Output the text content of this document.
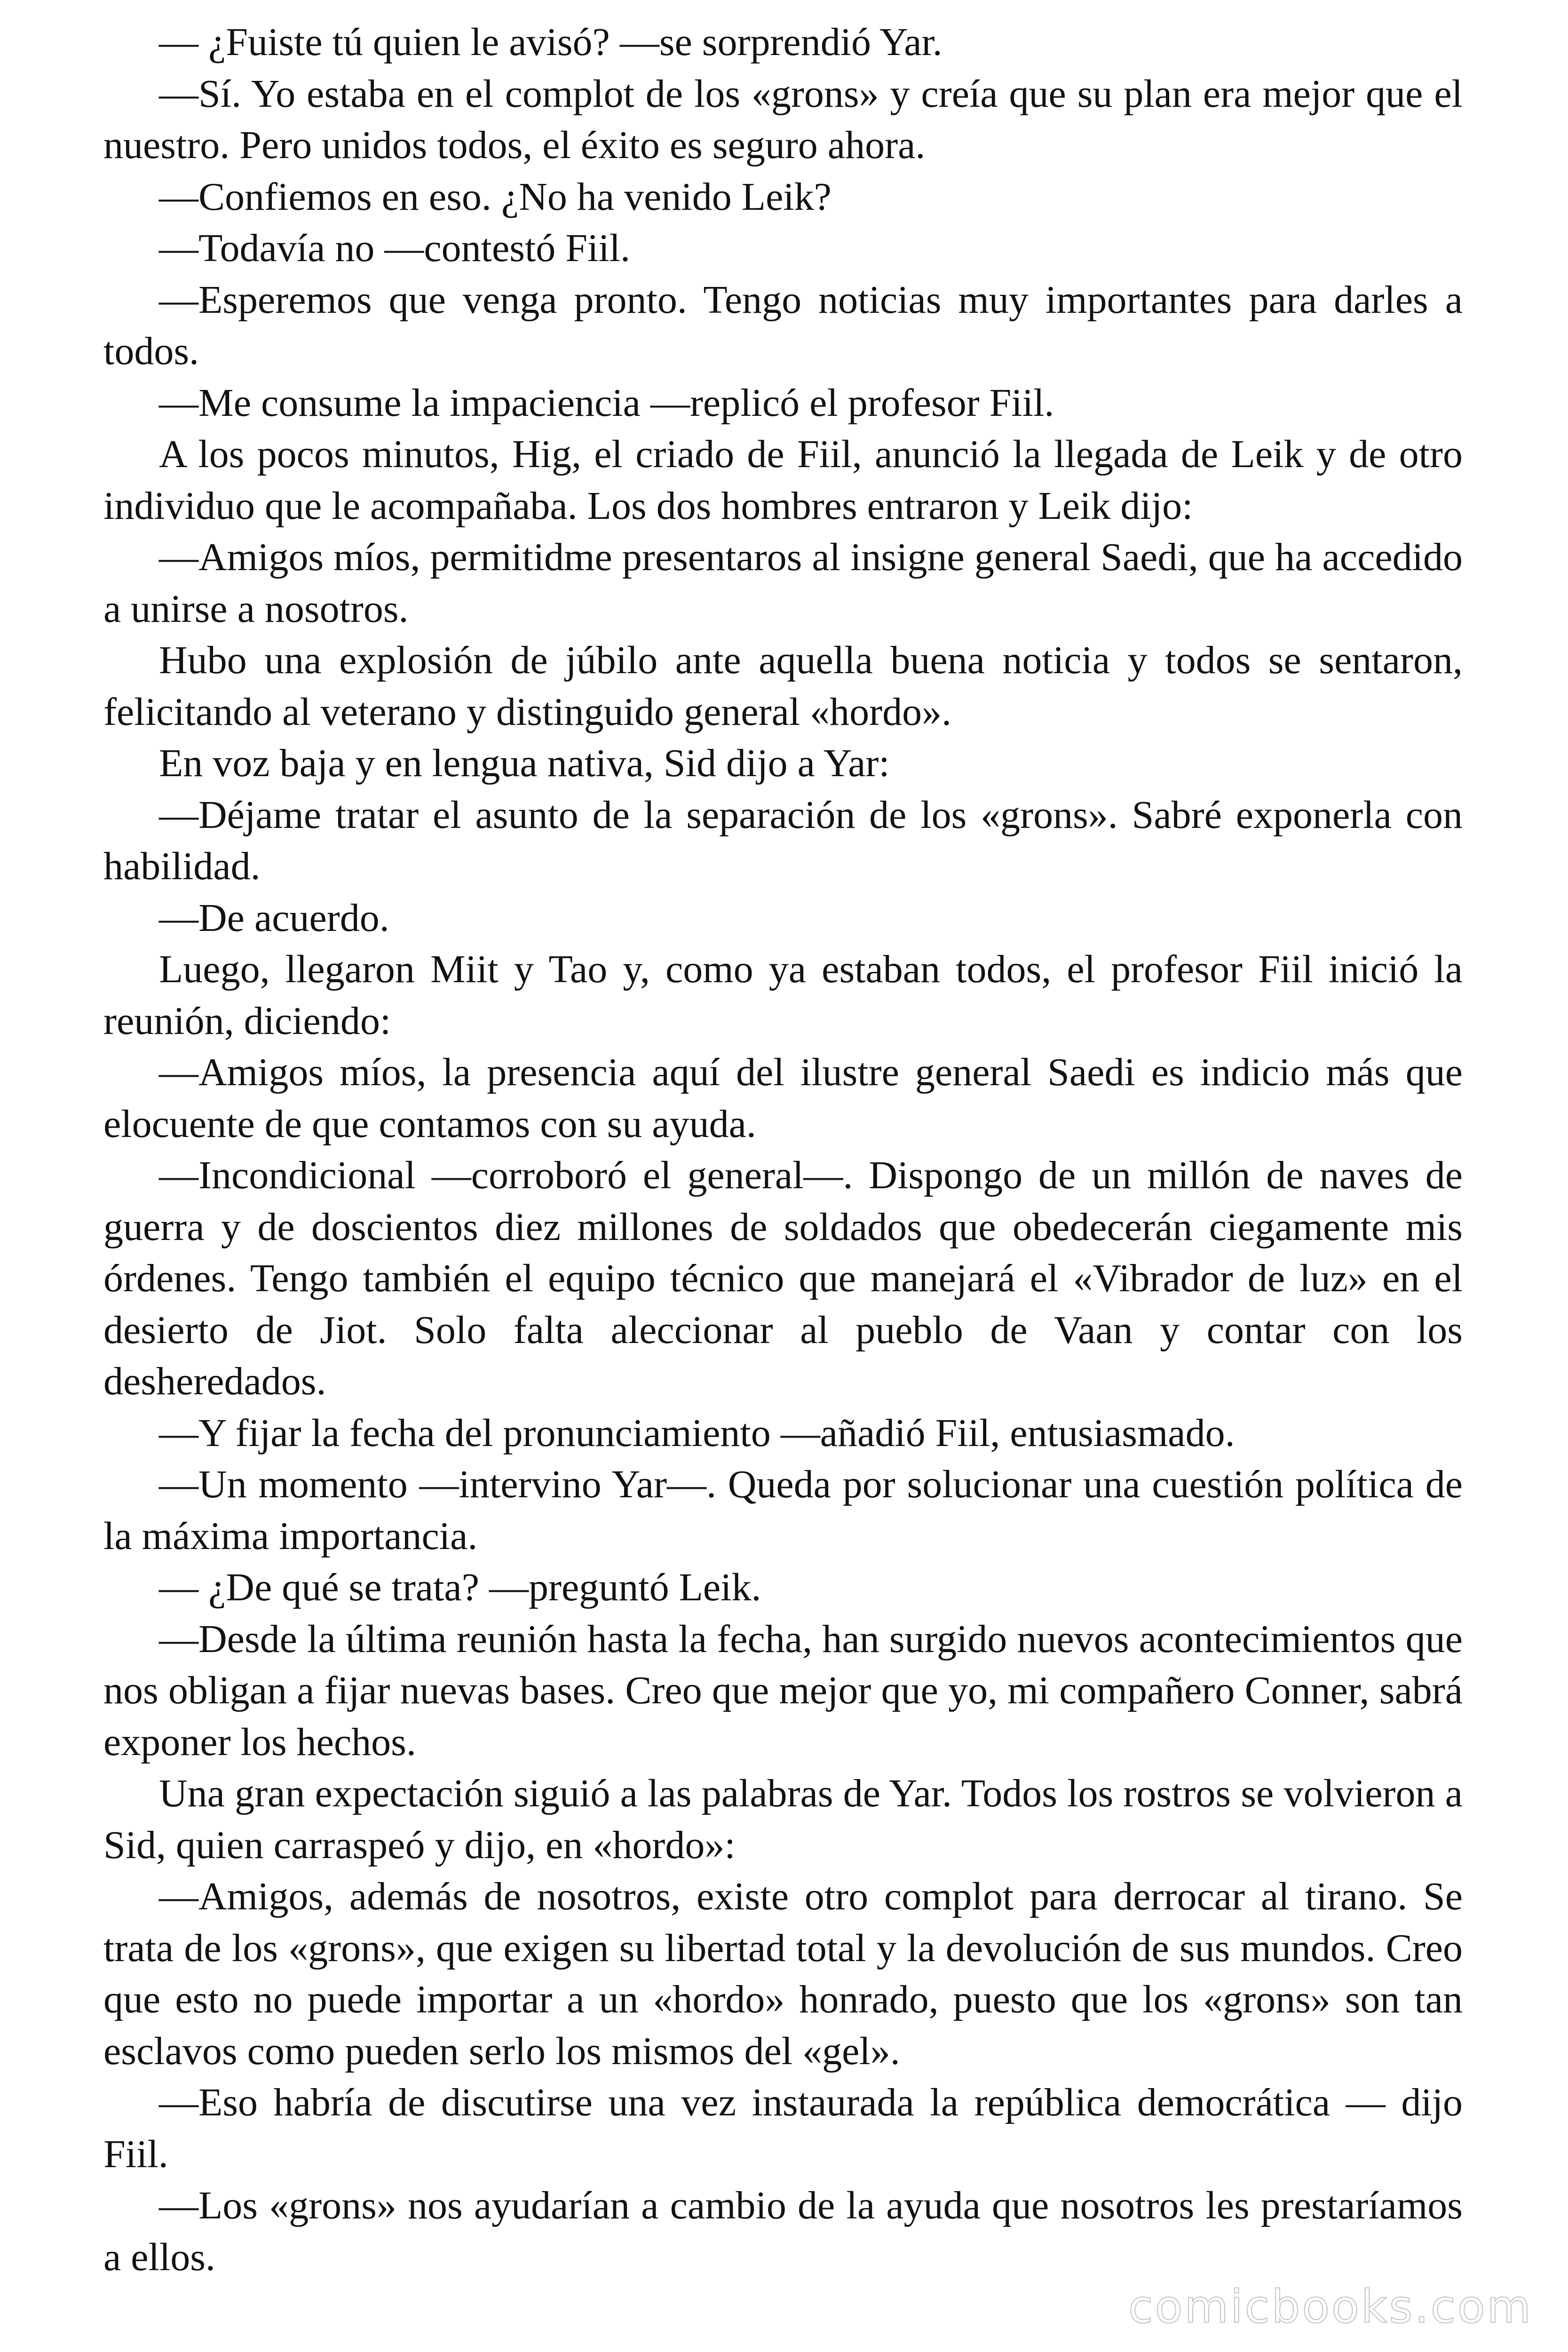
— ¿Fuiste tú quien le avisó? —se sorprendió Yar.

—Sí. Yo estaba en el complot de los «grons» y creía que su plan era mejor que el nuestro. Pero unidos todos, el éxito es seguro ahora.

—Confiemos en eso. ¿No ha venido Leik?

—Todavía no —contestó Fiil.

—Esperemos que venga pronto. Tengo noticias muy importantes para darles a todos.

—Me consume la impaciencia —replicó el profesor Fiil.

A los pocos minutos, Hig, el criado de Fiil, anunció la llegada de Leik y de otro individuo que le acompañaba. Los dos hombres entraron y Leik dijo:

—Amigos míos, permitidme presentaros al insigne general Saedi, que ha accedido a unirse a nosotros.

Hubo una explosión de júbilo ante aquella buena noticia y todos se sentaron, felicitando al veterano y distinguido general «hordo».

En voz baja y en lengua nativa, Sid dijo a Yar:

—Déjame tratar el asunto de la separación de los «grons». Sabré exponerla con habilidad.

—De acuerdo.

Luego, llegaron Miit y Tao y, como ya estaban todos, el profesor Fiil inició la reunión, diciendo:

—Amigos míos, la presencia aquí del ilustre general Saedi es indicio más que elocuente de que contamos con su ayuda.

—Incondicional —corroboró el general—. Dispongo de un millón de naves de guerra y de doscientos diez millones de soldados que obedecerán ciegamente mis órdenes. Tengo también el equipo técnico que manejará el «Vibrador de luz» en el desierto de Jiot. Solo falta aleccionar al pueblo de Vaan y contar con los desheredados.

—Y fijar la fecha del pronunciamiento —añadió Fiil, entusiasmado.

—Un momento —intervino Yar—. Queda por solucionar una cuestión política de la máxima importancia.

— ¿De qué se trata? —preguntó Leik.

—Desde la última reunión hasta la fecha, han surgido nuevos acontecimientos que nos obligan a fijar nuevas bases. Creo que mejor que yo, mi compañero Conner, sabrá exponer los hechos.

Una gran expectación siguió a las palabras de Yar. Todos los rostros se volvieron a Sid, quien carraspeó y dijo, en «hordo»:

—Amigos, además de nosotros, existe otro complot para derrocar al tirano. Se trata de los «grons», que exigen su libertad total y la devolución de sus mundos. Creo que esto no puede importar a un «hordo» honrado, puesto que los «grons» son tan esclavos como pueden serlo los mismos del «gel».

—Eso habría de discutirse una vez instaurada la república democrática — dijo Fiil.

—Los «grons» nos ayudarían a cambio de la ayuda que nosotros les prestaríamos a ellos.

comicbooks.com
